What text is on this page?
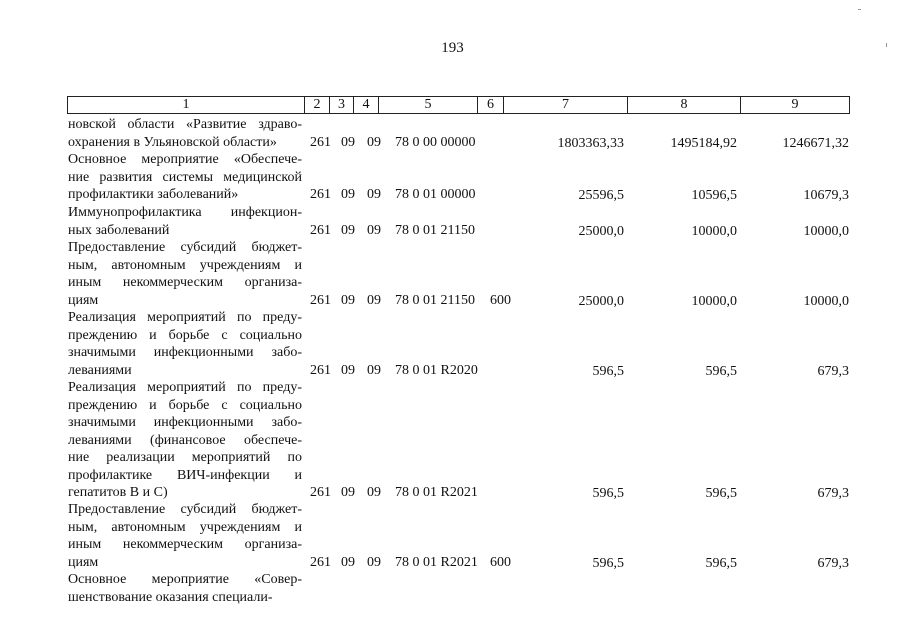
193
1	2	3	4	5	6	7	8	9
новской области «Развитие здраво-
охранения в Ульяновской области»	261 09 09 78 0 00 00000	1803363,33	1495184,92	1246671,32
Основное мероприятие «Обеспече-
ние развития системы медицинской
профилактики заболеваний»	261 09 09 78 0 01 00000	25596,5	10596,5	10679,3
Иммунопрофилактика инфекцион-
ных заболеваний	261 09 09 78 0 01 21150	25000,0	10000,0	10000,0
Предоставление субсидий бюджет-
ным, автономным учреждениям и
иным некоммерческим организа-
циям	261 09 09 78 0 01 21150 600	25000,0	10000,0	10000,0
Реализация мероприятий по преду-
преждению и борьбе с социально
значимыми инфекционными забо-
леваниями	261 09 09 78 0 01 R2020	596,5	596,5	679,3
Реализация мероприятий по преду-
преждению и борьбе с социально
значимыми инфекционными забо-
леваниями (финансовое обеспече-
ние реализации мероприятий по
профилактике ВИЧ-инфекции и
гепатитов В и С)	261 09 09 78 0 01 R2021	596,5	596,5	679,3
Предоставление субсидий бюджет-
ным, автономным учреждениям и
иным некоммерческим организа-
циям	261 09 09 78 0 01 R2021 600	596,5	596,5	679,3
Основное мероприятие «Совер-
шенствование оказания специали-
